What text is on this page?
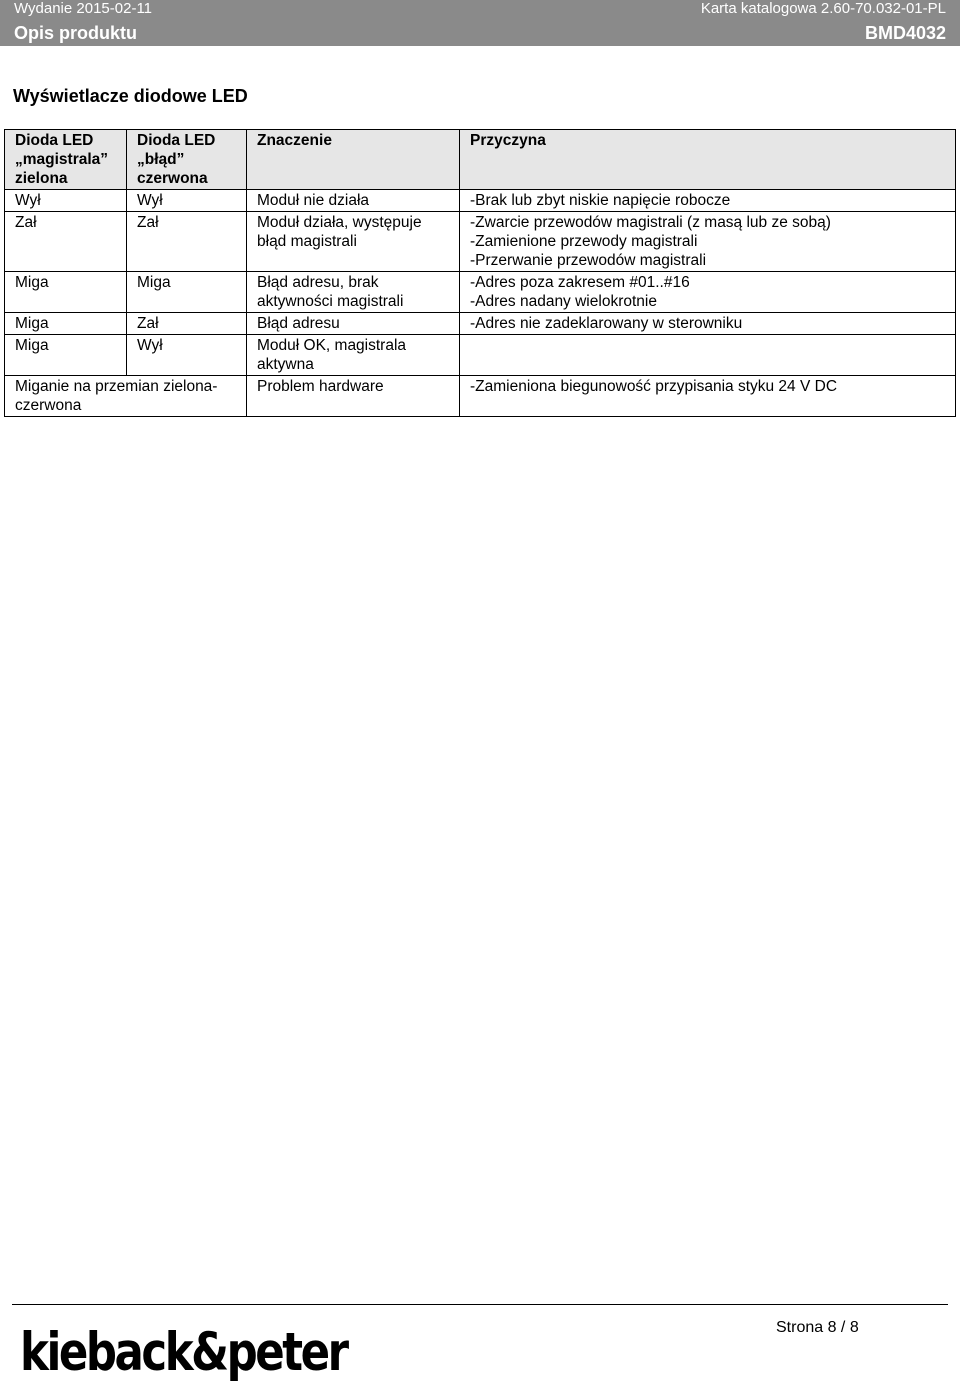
Wydanie 2015-02-11	Karta katalogowa 2.60-70.032-01-PL
Opis produktu	BMD4032
Wyświetlacze diodowe LED
Dioda LED „magistrala” zielona	Dioda LED „błąd” czerwona	Znaczenie	Przyczyna
Wył	Wył	Moduł nie działa	-Brak lub zbyt niskie napięcie robocze
Zał	Zał	Moduł działa, występuje błąd magistrali	-Zwarcie przewodów magistrali (z masą lub ze sobą)
-Zamienione przewody magistrali
-Przerwanie przewodów magistrali

Miga	Miga	Błąd adresu, brak aktywności magistrali	-Adres poza zakresem #01..#16
-Adres nadany wielokrotnie

Miga	Zał	Błąd adresu	-Adres nie zadeklarowany w sterowniku
Miga	Wył	Moduł OK, magistrala aktywna	
Miganie na przemian zielona-czerwona		Problem hardware	-Zamieniona biegunowość przypisania styku 24 V DC
kieback&peter	Strona 8 / 8
